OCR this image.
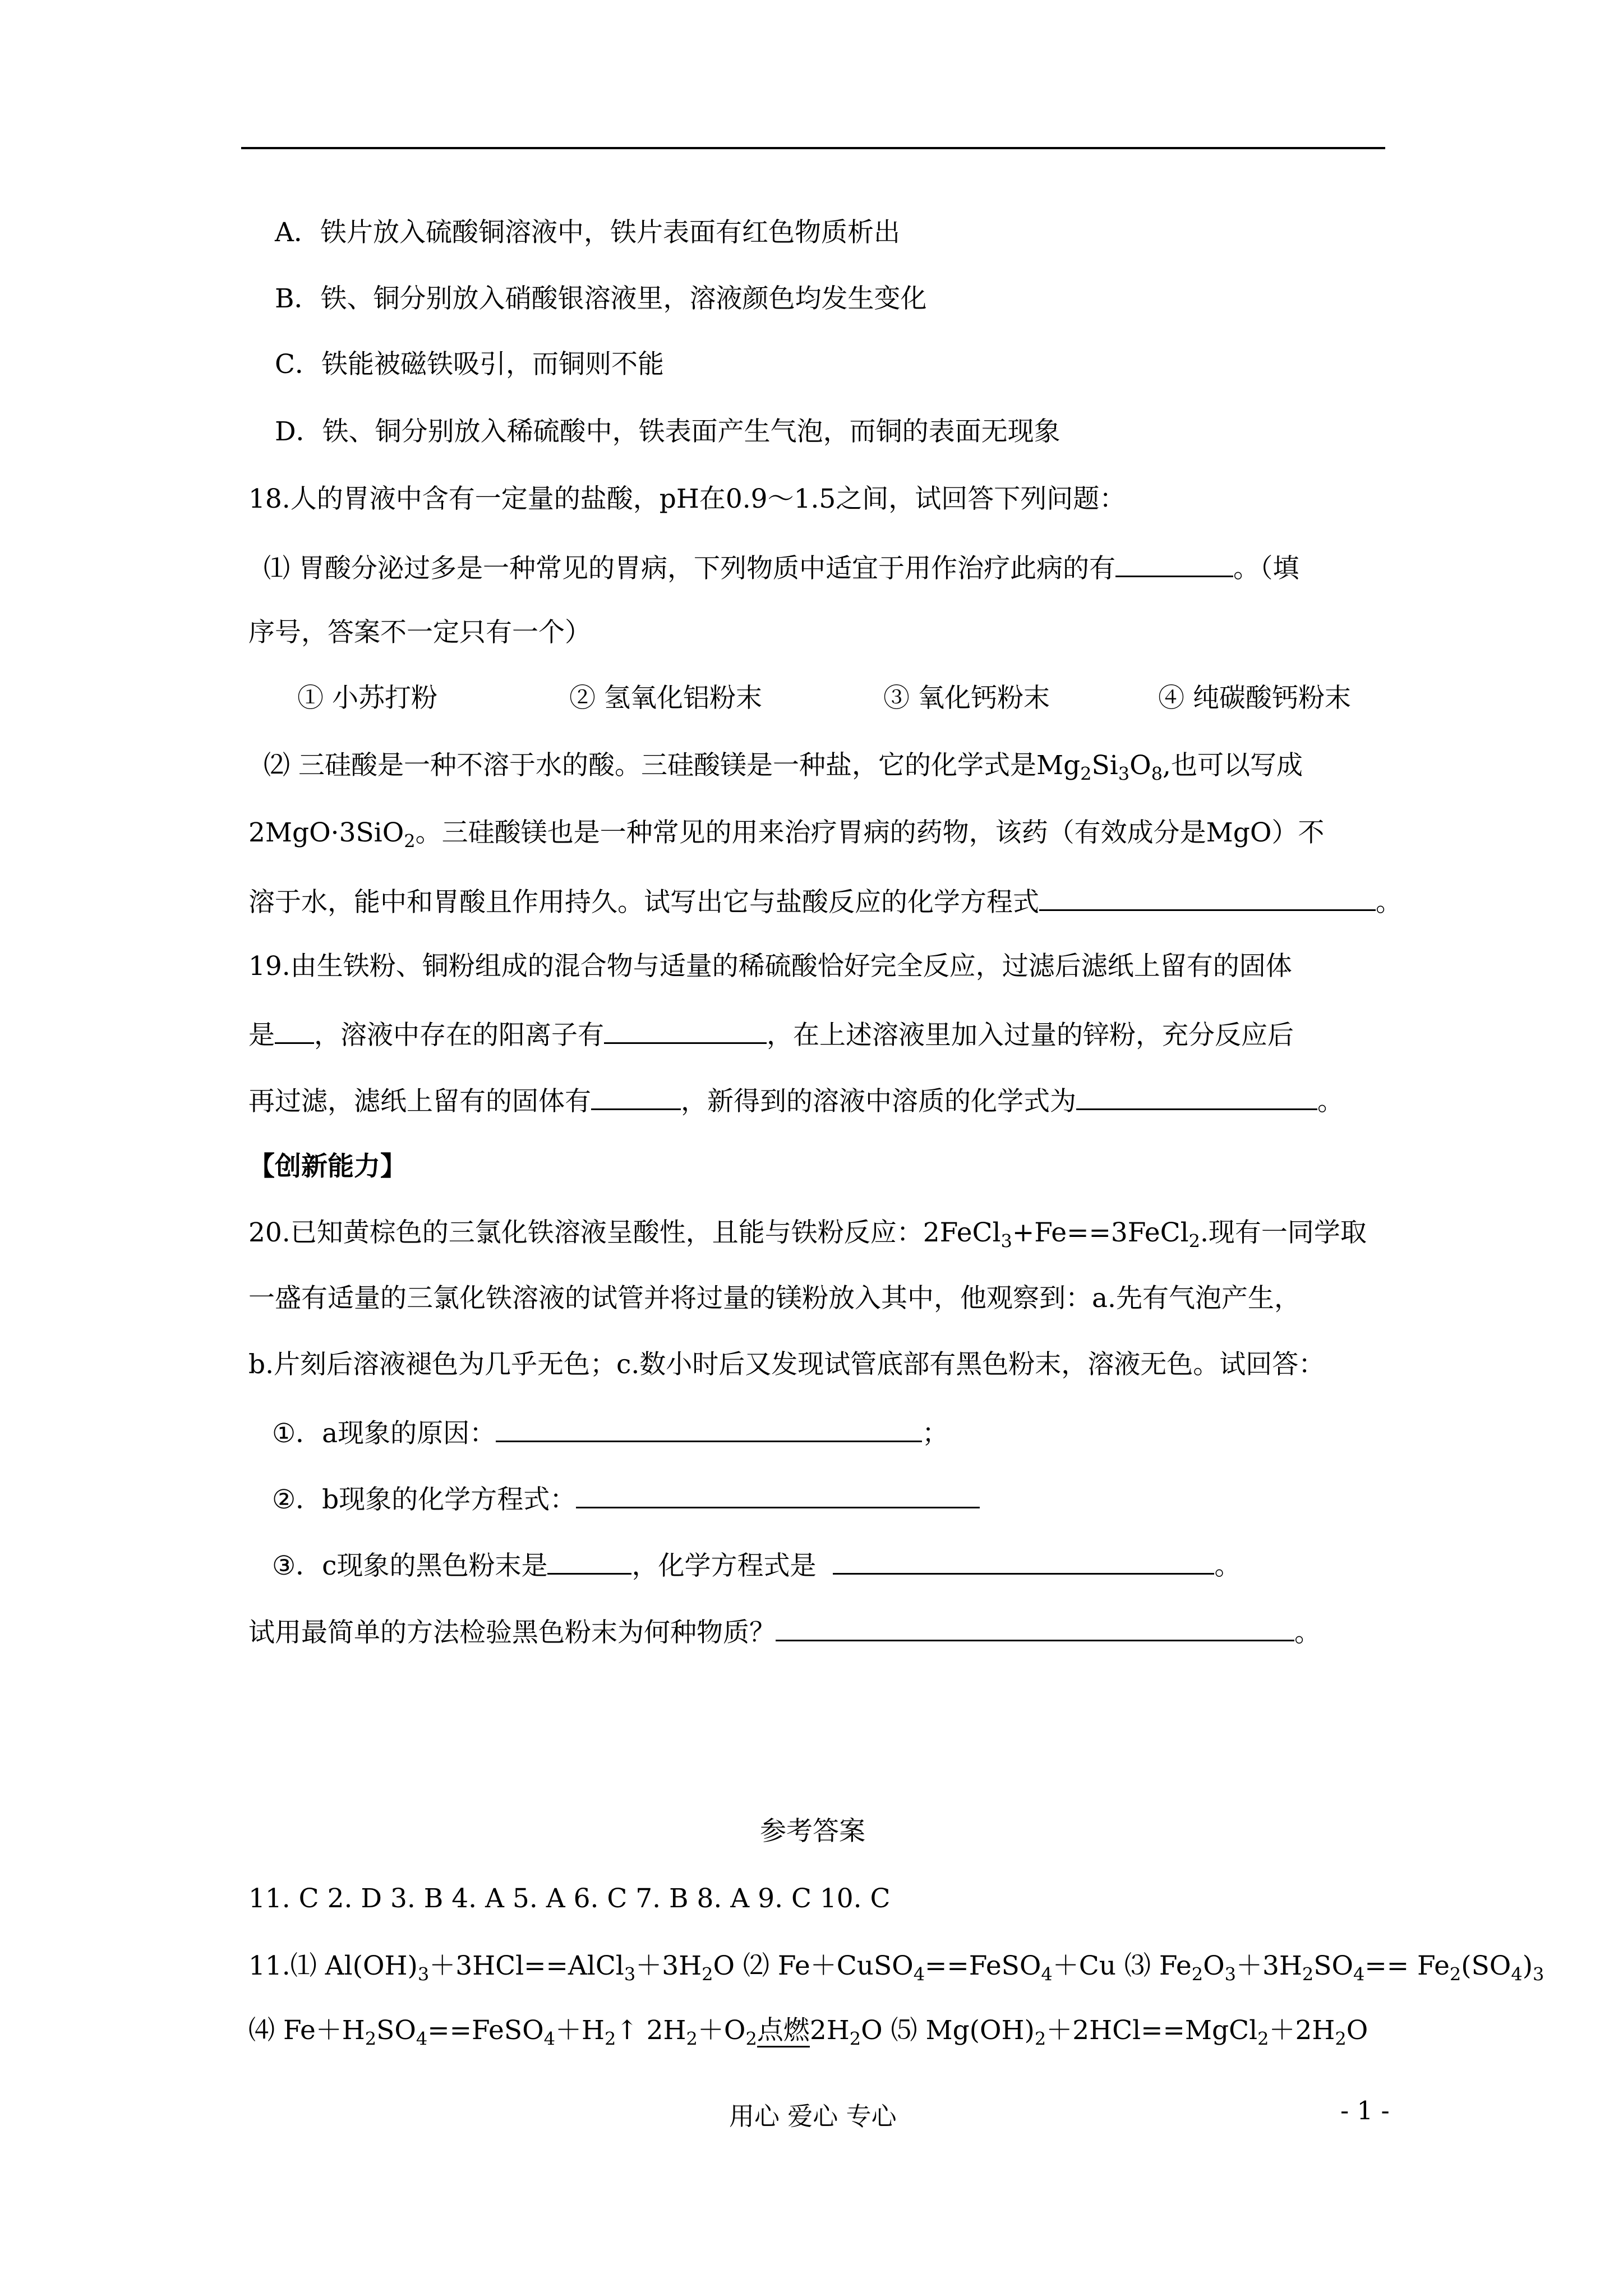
A．铁片放入硫酸铜溶液中，铁片表面有红色物质析出
B．铁、铜分别放入硝酸银溶液里，溶液颜色均发生变化
C．铁能被磁铁吸引，而铜则不能
D．铁、铜分别放入稀硫酸中，铁表面产生气泡，而铜的表面无现象
18.人的胃液中含有一定量的盐酸，pH在0.9～1.5之间，试回答下列问题：
⑴ 胃酸分泌过多是一种常见的胃病，下列物质中适宜于用作治疗此病的有	。（填
序号，答案不一定只有一个）
① 小苏打粉	② 氢氧化铝粉末	③ 氧化钙粉末	④ 纯碳酸钙粉末
⑵ 三硅酸是一种不溶于水的酸。三硅酸镁是一种盐，它的化学式是$Mg_2Si_3O_8$,也可以写成
2MgO·3SiO$_2$。三硅酸镁也是一种常见的用来治疗胃病的药物，该药（有效成分是MgO）不
溶于水，能中和胃酸且作用持久。试写出它与盐酸反应的化学方程式	。
19.由生铁粉、铜粉组成的混合物与适量的稀硫酸恰好完全反应，过滤后滤纸上留有的固体
是 ，溶液中存在的阳离子有	，在上述溶液里加入过量的锌粉，充分反应后
再过滤，滤纸上留有的固体有	，新得到的溶液中溶质的化学式为	。
【创新能力】
20.已知黄棕色的三氯化铁溶液呈酸性，且能与铁粉反应：2FeCl$_3$+Fe==3FeCl$_2$.现有一同学取
一盛有适量的三氯化铁溶液的试管并将过量的镁粉放入其中，他观察到：a.先有气泡产生，
b.片刻后溶液褪色为几乎无色；c.数小时后又发现试管底部有黑色粉末，溶液无色。试回答：
①．a现象的原因：	；
②．b现象的化学方程式：
③．c现象的黑色粉末是	，化学方程式是	。
试用最简单的方法检验黑色粉末为何种物质？	。
参考答案
11. C 2. D 3. B 4. A 5. A 6. C 7. B 8. A 9. C 10. C
11.⑴ $Al(OH)_3+3HCl==AlCl_3+3H_2O$ ⑵ Fe＋CuSO$_4$==FeSO$_4$＋Cu ⑶ $Fe_2O_3+3H_2SO_4== Fe_2(SO_4)_3$
⑷ $Fe+H_2SO_4==FeSO_4+H_2↑$ $2H_2+O_2$点燃$2H_2O$ ⑸ $Mg(OH)_2+2HCl==MgCl_2+2H_2O$
用心 爱心 专心	- 1 -
